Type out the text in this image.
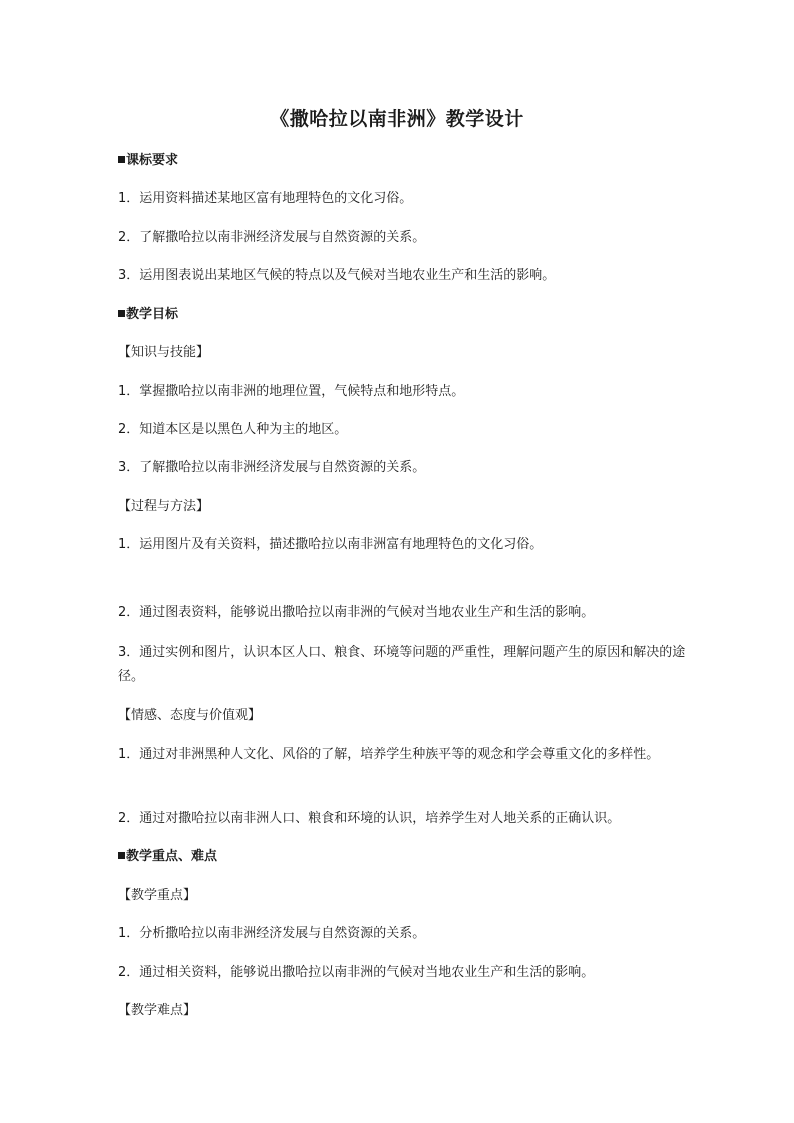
《撒哈拉以南非洲》教学设计
课标要求
1．运用资料描述某地区富有地理特色的文化习俗。
2．了解撒哈拉以南非洲经济发展与自然资源的关系。
3．运用图表说出某地区气候的特点以及气候对当地农业生产和生活的影响。
教学目标
【知识与技能】
1．掌握撒哈拉以南非洲的地理位置，气候特点和地形特点。
2．知道本区是以黑色人种为主的地区。
3．了解撒哈拉以南非洲经济发展与自然资源的关系。
【过程与方法】
1．运用图片及有关资料，描述撒哈拉以南非洲富有地理特色的文化习俗。
2．通过图表资料，能够说出撒哈拉以南非洲的气候对当地农业生产和生活的影响。
3．通过实例和图片，认识本区人口、粮食、环境等问题的严重性，理解问题产生的原因和解决的途径。
【情感、态度与价值观】
1．通过对非洲黑种人文化、风俗的了解，培养学生种族平等的观念和学会尊重文化的多样性。
2．通过对撒哈拉以南非洲人口、粮食和环境的认识，培养学生对人地关系的正确认识。
教学重点、难点
【教学重点】
1．分析撒哈拉以南非洲经济发展与自然资源的关系。
2．通过相关资料，能够说出撒哈拉以南非洲的气候对当地农业生产和生活的影响。
【教学难点】
